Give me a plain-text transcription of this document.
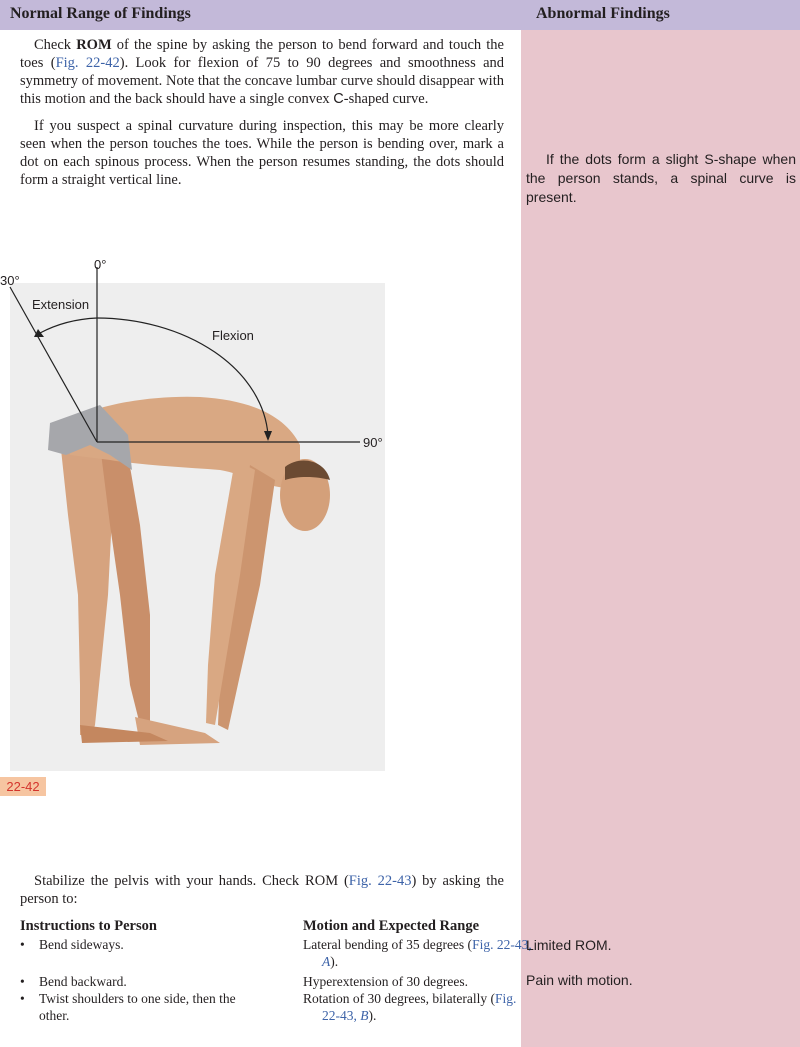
Normal Range of Findings	Abnormal Findings

Check ROM of the spine by asking the person to bend forward and touch the toes (Fig. 22-42). Look for flexion of 75 to 90 degrees and smoothness and symmetry of movement. Note that the concave lumbar curve should disappear with this motion and the back should have a single convex C-shaped curve.

If you suspect a spinal curvature during inspection, this may be more clearly seen when the person touches the toes. While the person is bending over, mark a dot on each spinous process. When the person resumes standing, the dots should form a straight vertical line.

If the dots form a slight S-shape when the person stands, a spinal curve is present.

0°
30°
90°
Extension
Flexion
22-42

Stabilize the pelvis with your hands. Check ROM (Fig. 22-43) by asking the person to:

Instructions to Person	Motion and Expected Range
• Bend sideways.
• Bend backward.
• Twist shoulders to one side, then the other.
Lateral bending of 35 degrees (Fig. 22-43, A).
Hyperextension of 30 degrees.
Rotation of 30 degrees, bilaterally (Fig. 22-43, B).

Limited ROM.

Pain with motion.
